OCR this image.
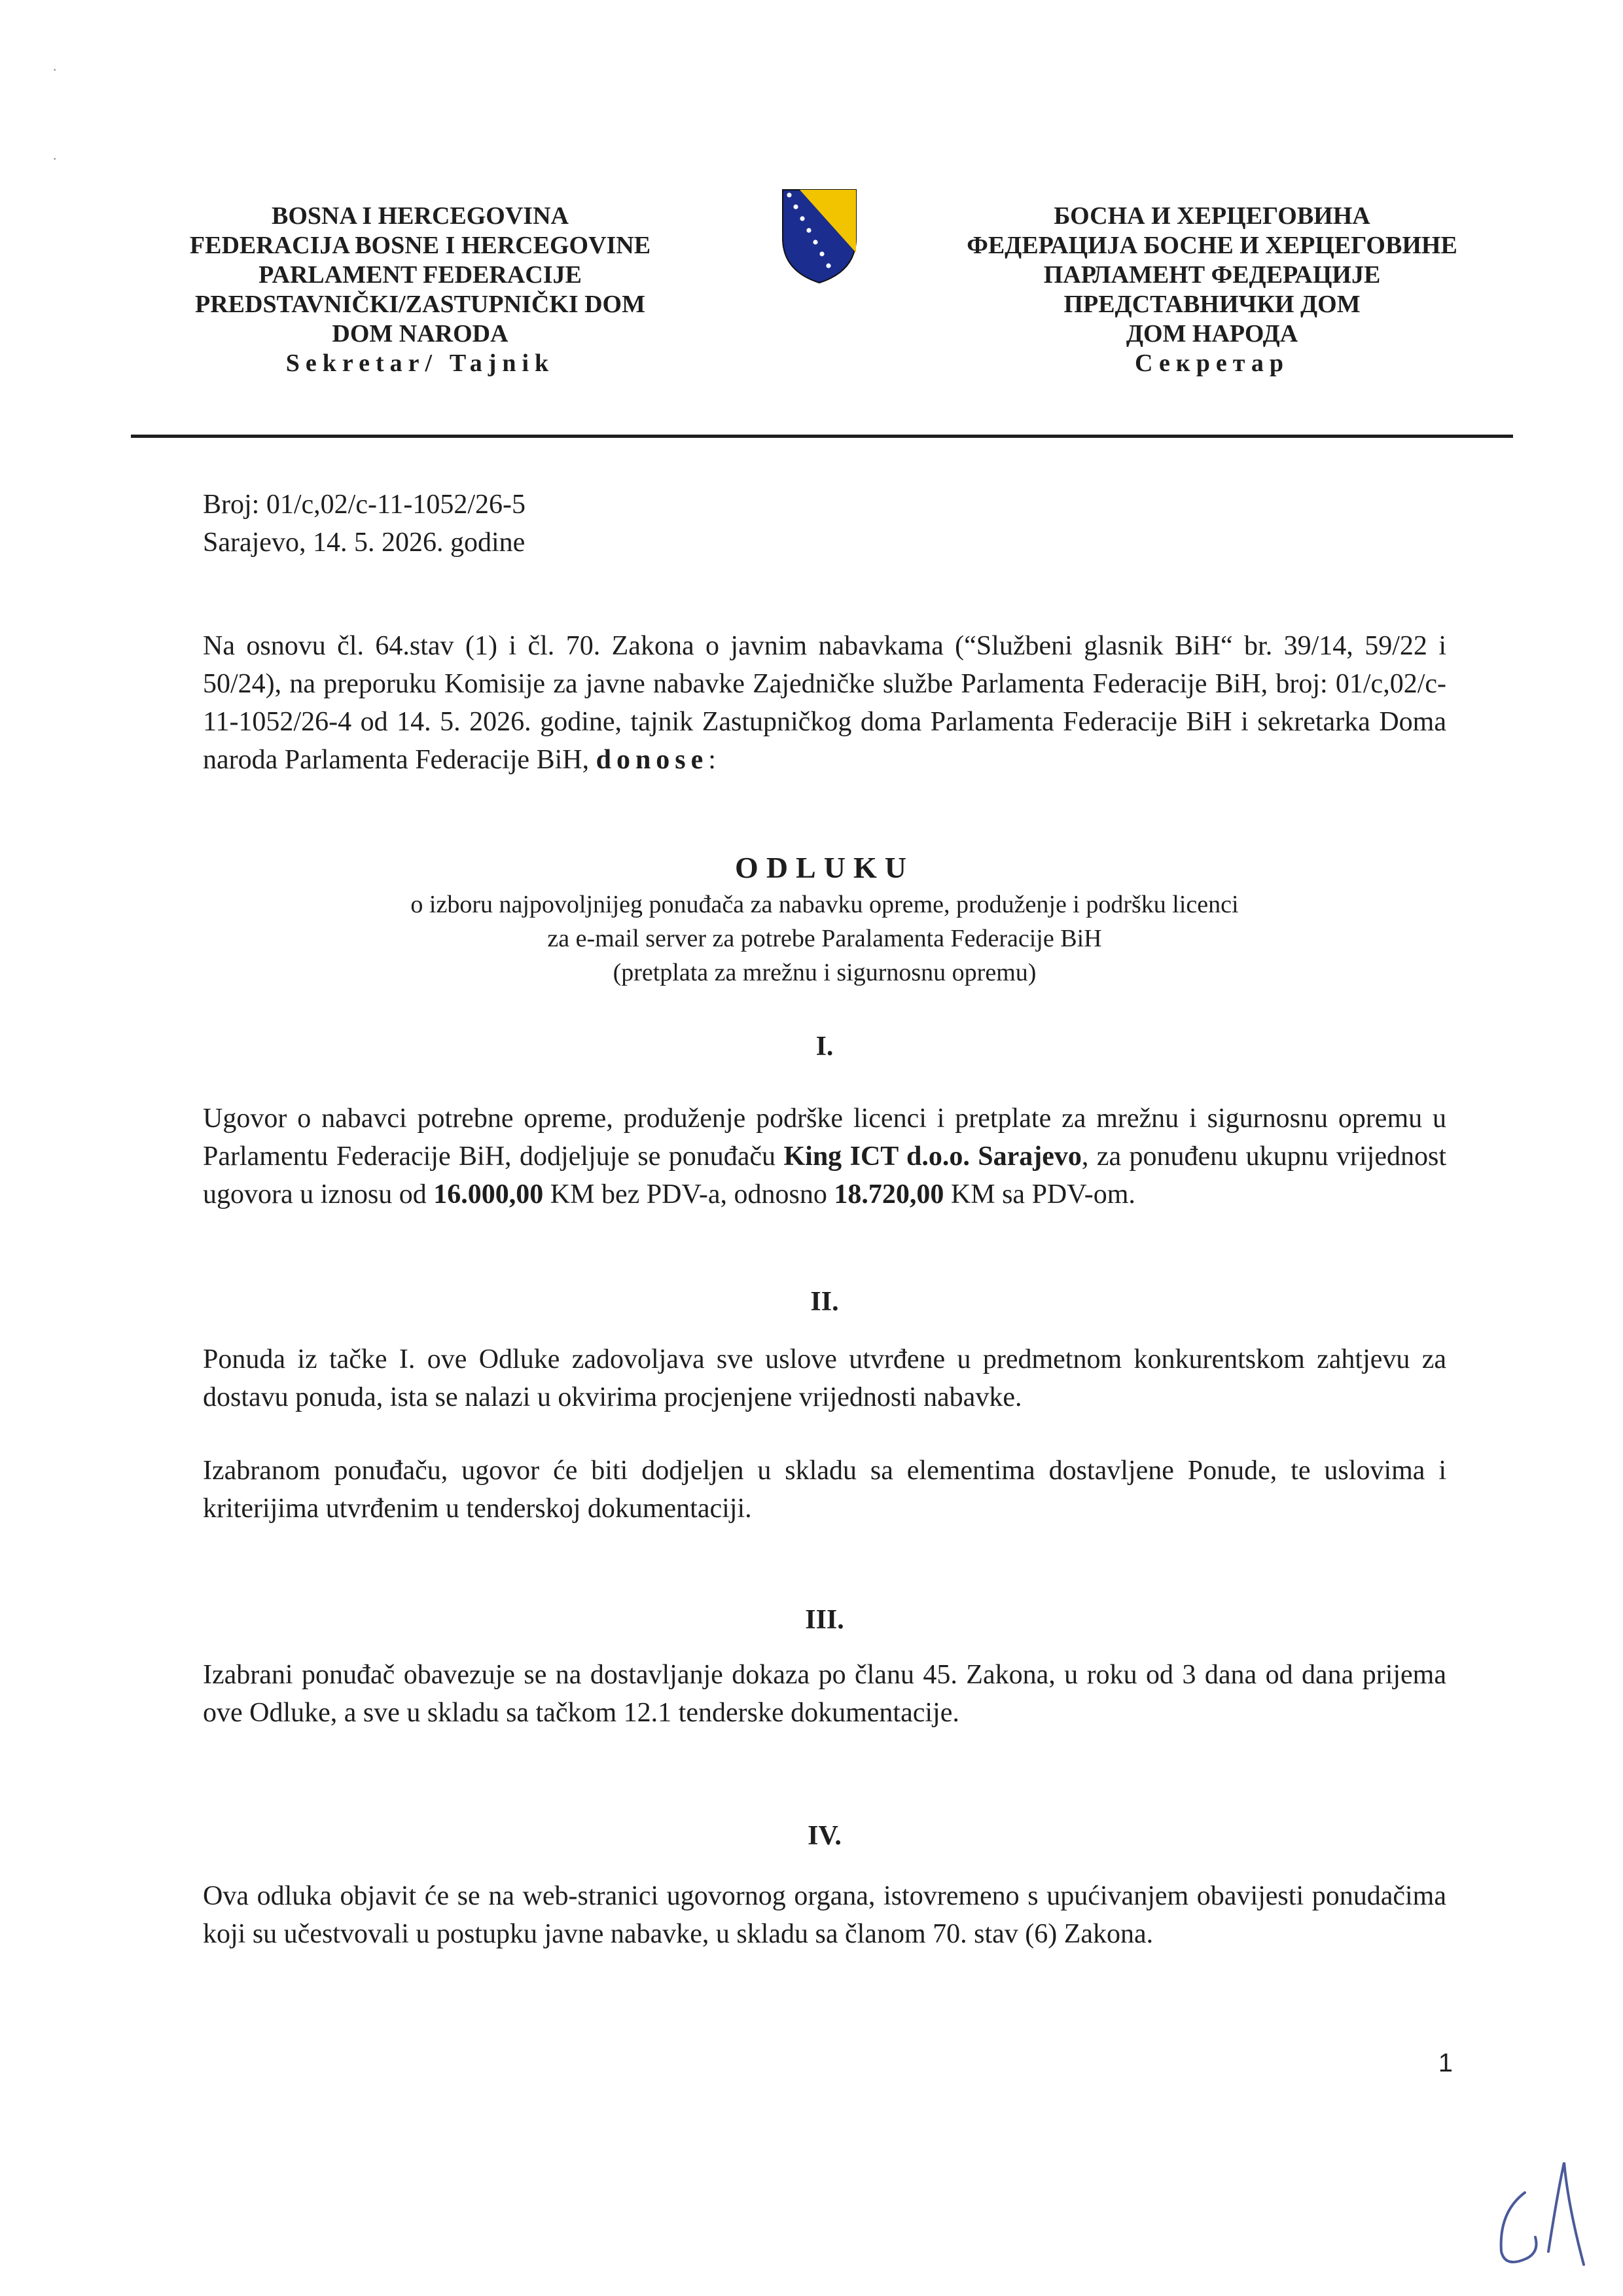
·
·
BOSNA I HERCEGOVINA
FEDERACIJA BOSNE I HERCEGOVINE
PARLAMENT FEDERACIJE
PREDSTAVNIČKI/ZASTUPNIČKI DOM
DOM NARODA
Sekretar/ Tajnik
БОСНА И ХЕРЦЕГОВИНА
ФЕДЕРАЦИЈА БОСНЕ И ХЕРЦЕГОВИНЕ
ПАРЛАМЕНТ ФЕДЕРАЦИЈЕ
ПРЕДСТАВНИЧКИ ДОМ
ДОМ НАРОДА
Секретар
Broj: 01/c,02/c-11-1052/26-5
Sarajevo, 14. 5. 2026. godine
Na osnovu čl. 64.stav (1) i čl. 70. Zakona o javnim nabavkama (“Službeni glasnik BiH“ br. 39/14, 59/22 i 50/24), na preporuku Komisije za javne nabavke Zajedničke službe Parlamenta Federacije BiH, broj: 01/c,02/c-11-1052/26-4 od 14. 5. 2026. godine, tajnik Zastupničkog doma Parlamenta Federacije BiH i sekretarka Doma naroda Parlamenta Federacije BiH, donose:
ODLUKU
o izboru najpovoljnijeg ponuđača za nabavku opreme, produženje i podršku licenci
za e-mail server za potrebe Paralamenta Federacije BiH
(pretplata za mrežnu i sigurnosnu opremu)
I.
Ugovor o nabavci potrebne opreme, produženje podrške licenci i pretplate za mrežnu i sigurnosnu opremu u Parlamentu Federacije BiH, dodjeljuje se ponuđaču King ICT d.o.o. Sarajevo, za ponuđenu ukupnu vrijednost ugovora u iznosu od 16.000,00 KM bez PDV-a, odnosno 18.720,00 KM sa PDV-om.
II.
Ponuda iz tačke I. ove Odluke zadovoljava sve uslove utvrđene u predmetnom konkurentskom zahtjevu za dostavu ponuda, ista se nalazi u okvirima procjenjene vrijednosti nabavke.
Izabranom ponuđaču, ugovor će biti dodjeljen u skladu sa elementima dostavljene Ponude, te uslovima i kriterijima utvrđenim u tenderskoj dokumentaciji.
III.
Izabrani ponuđač obavezuje se na dostavljanje dokaza po članu 45. Zakona, u roku od 3 dana od dana prijema ove Odluke, a sve u skladu sa tačkom 12.1 tenderske dokumentacije.
IV.
Ova odluka objavit će se na web-stranici ugovornog organa, istovremeno s upućivanjem obavijesti ponudačima koji su učestvovali u postupku javne nabavke, u skladu sa članom 70. stav (6) Zakona.
1
